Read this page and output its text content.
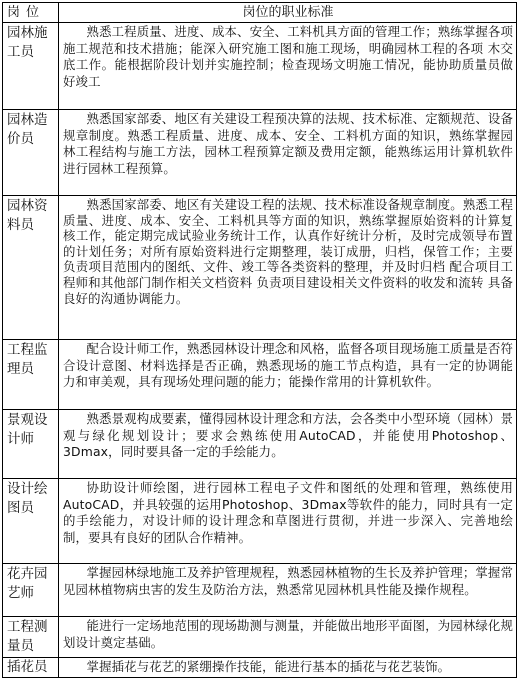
岗位	岗位的职业标准
园林施工员	熟悉工程质量、进度、成本、安全、工料机具方面的管理工作；熟练掌握各项施工规范和技术措施；能深入研究施工图和施工现场，明确园林工程的各项 木交底工作。能根据阶段计划并实施控制；检查现场文明施工情况，能协助质量员做好竣工
园林造价员	熟悉国家部委、地区有关建设工程预决算的法规、技术标准、定额规范、设备规章制度。熟悉工程质量、进度、成本、安全、工料机方面的知识，熟练掌握园林工程结构与施工方法，园林工程预算定额及费用定额，能熟练运用计算机软件进行园林工程预算。
园林资料员	熟悉国家部委、地区有关建设工程的法规、技术标准设备规章制度。熟悉工程质量、进度、成本、安全、工料机具等方面的知识，熟练掌握原始资料的计算复核工作，能定期完成试验业务统计工作，认真作好统计分析，及时完成领导布置的计划任务；对所有原始资料进行定期整理，装订成册，归档，保管工作；主要负责项目范围内的图纸、文件、竣工等各类资料的整理，并及时归档 配合项目工程师和其他部门制作相关文档资料 负责项目建设相关文件资料的收发和流转 具备良好的沟通协调能力。
工程监理员	配合设计师工作，熟悉园林设计理念和风格，监督各项目现场施工质量是否符合设计意图、材料选择是否正确，熟悉现场的施工节点构造，具有一定的协调能力和审美观，具有现场处理问题的能力；能操作常用的计算机软件。
景观设计师	熟悉景观构成要素，懂得园林设计理念和方法，会各类中小型环境（园林）景观与绿化规划设计；要求会熟练使用AutoCAD，并能使用Photoshop、3Dmax，同时要具备一定的手绘能力。
设计绘图员	协助设计师绘图，进行园林工程电子文件和图纸的处理和管理，熟练使用AutoCAD，并具较强的运用Photoshop、3Dmax等软件的能力，同时具有一定的手绘能力，对设计师的设计理念和草图进行贯彻，并进一步深入、完善地绘制，要具有良好的团队合作精神。
花卉园艺师	掌握园林绿地施工及养护管理规程，熟悉园林植物的生长及养护管理；掌握常见园林植物病虫害的发生及防治方法，熟悉常见园林机具性能及操作规程。
工程测量员	能进行一定场地范围的现场勘测与测量，并能做出地形平面图，为园林绿化规划设计奠定基础。
插花员	掌握插花与花艺的紧绷操作技能，能进行基本的插花与花艺装饰。
